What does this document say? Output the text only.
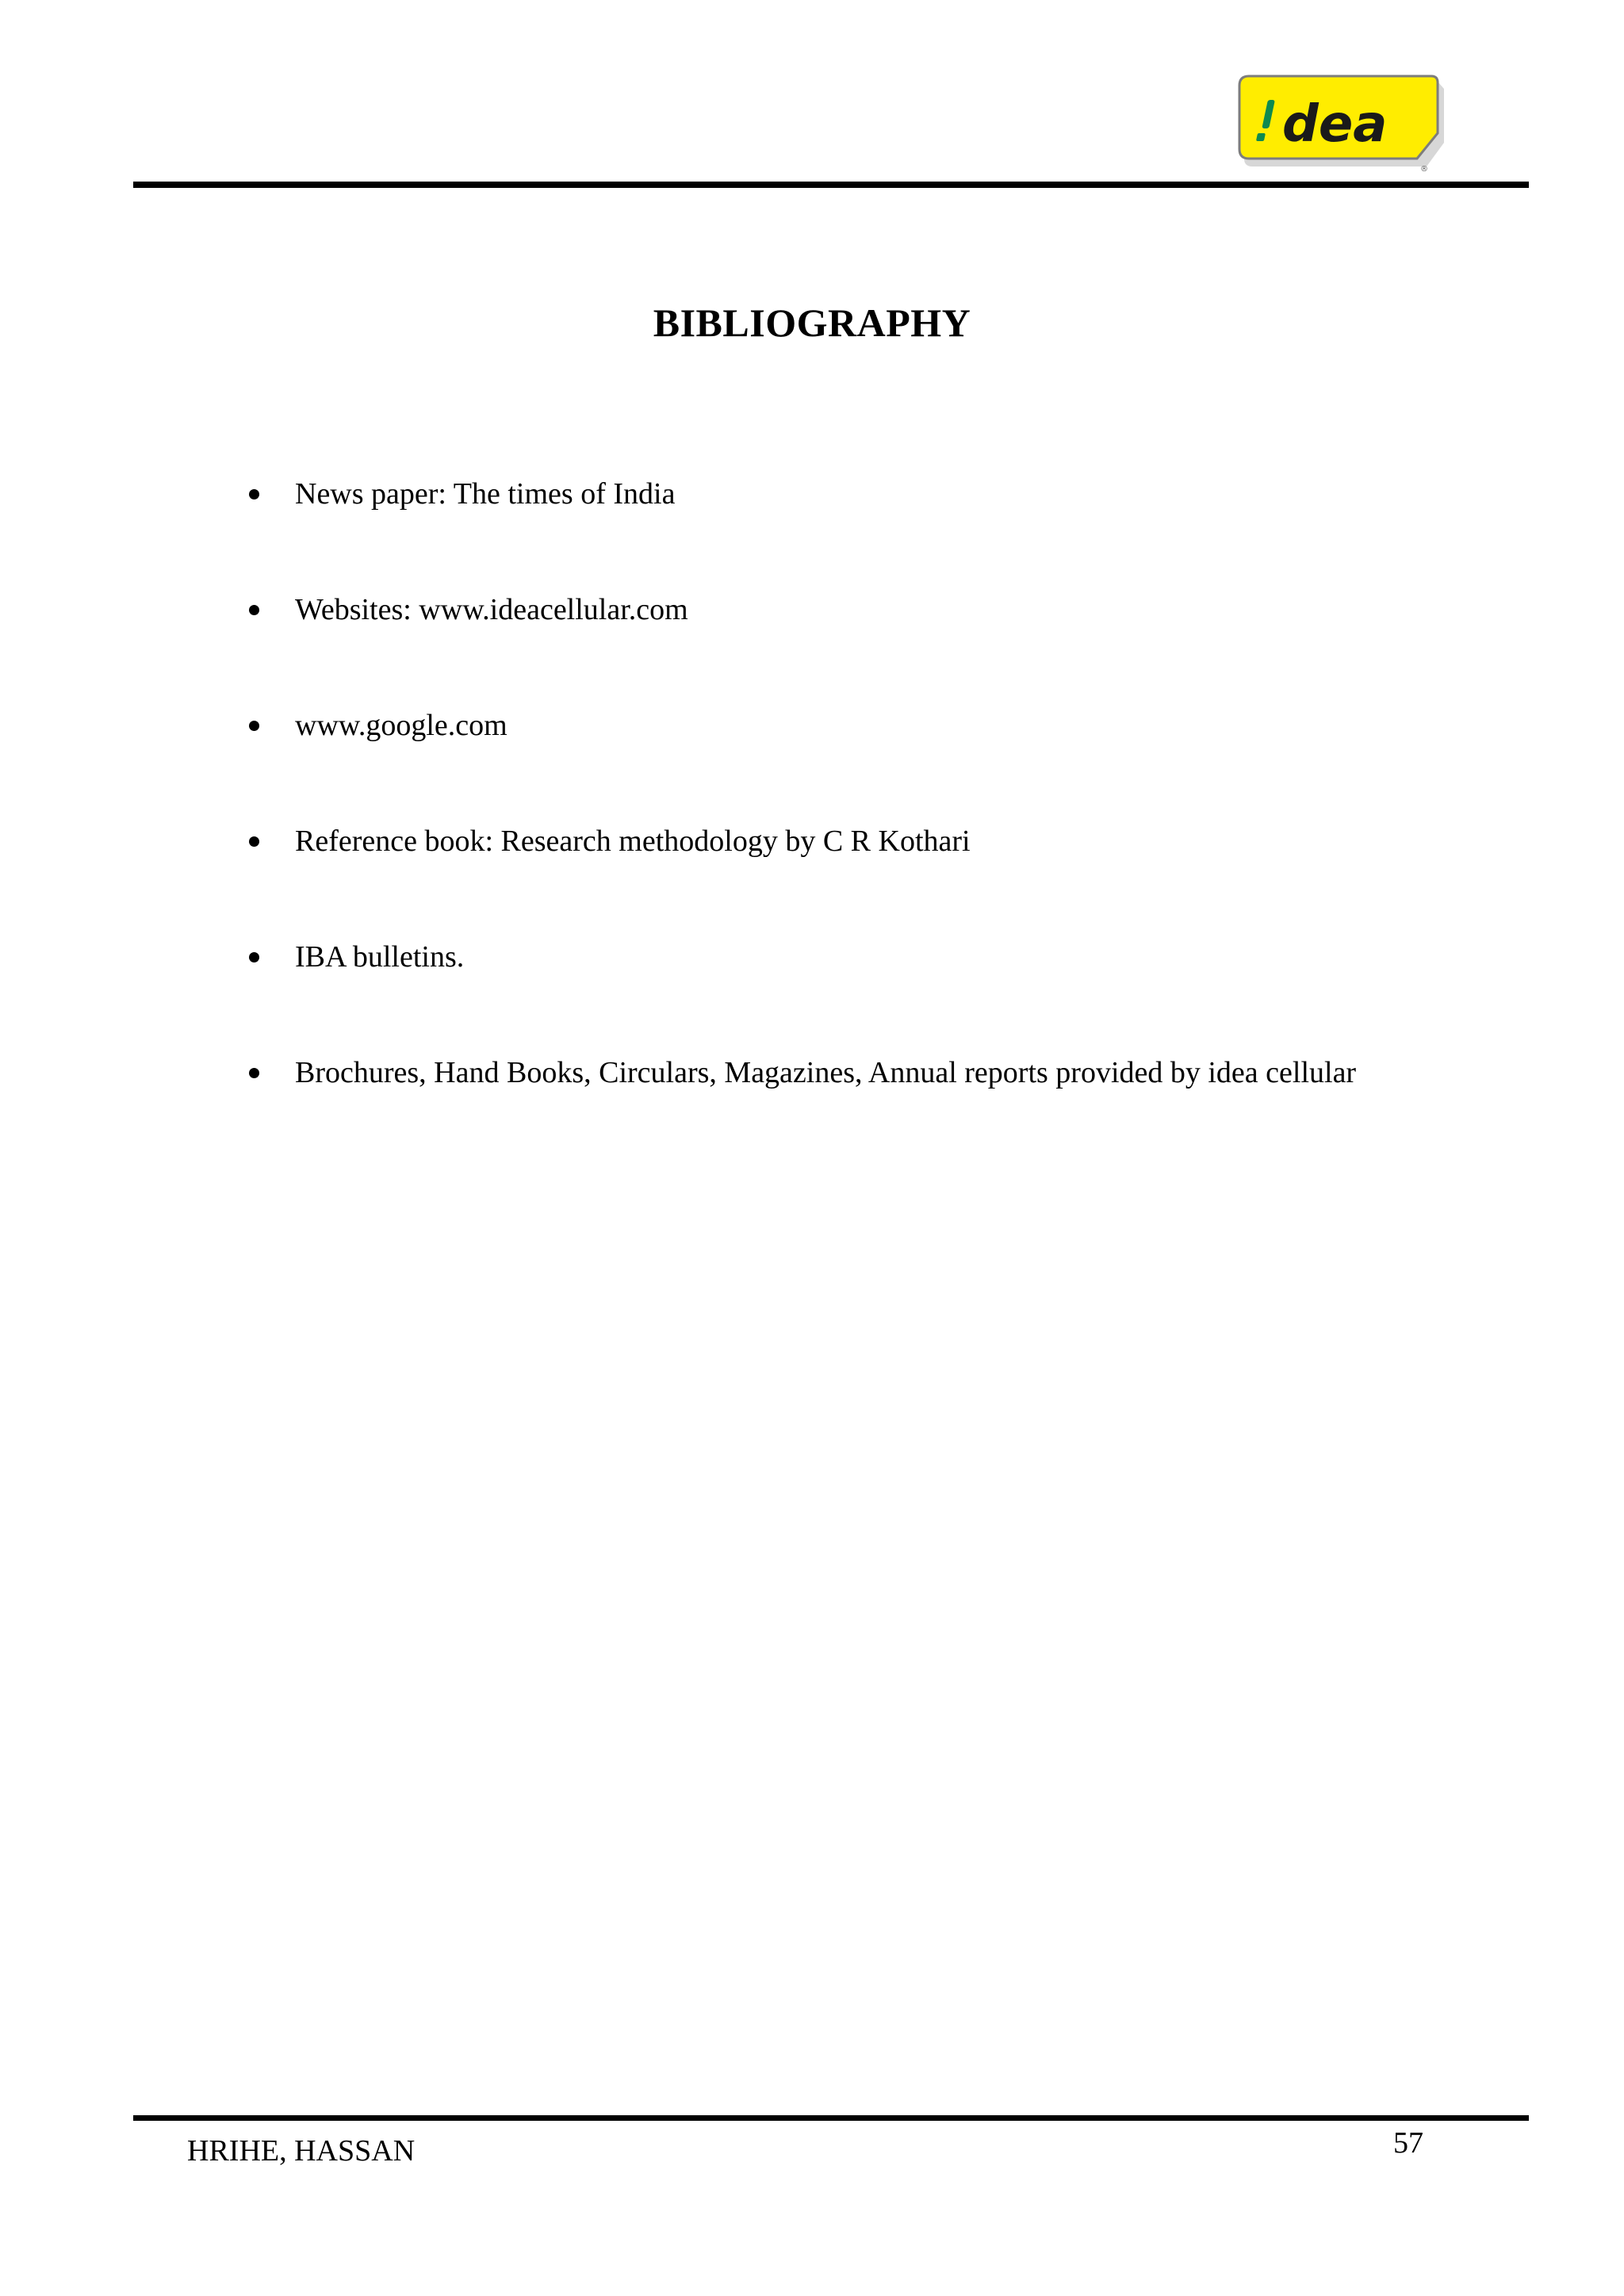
dea
®
BIBLIOGRAPHY
News paper: The times of India
Websites: www.ideacellular.com
www.google.com
Reference book: Research methodology by C R Kothari
IBA bulletins.
Brochures, Hand Books, Circulars, Magazines, Annual reports provided by idea cellular
HRIHE, HASSAN	57
